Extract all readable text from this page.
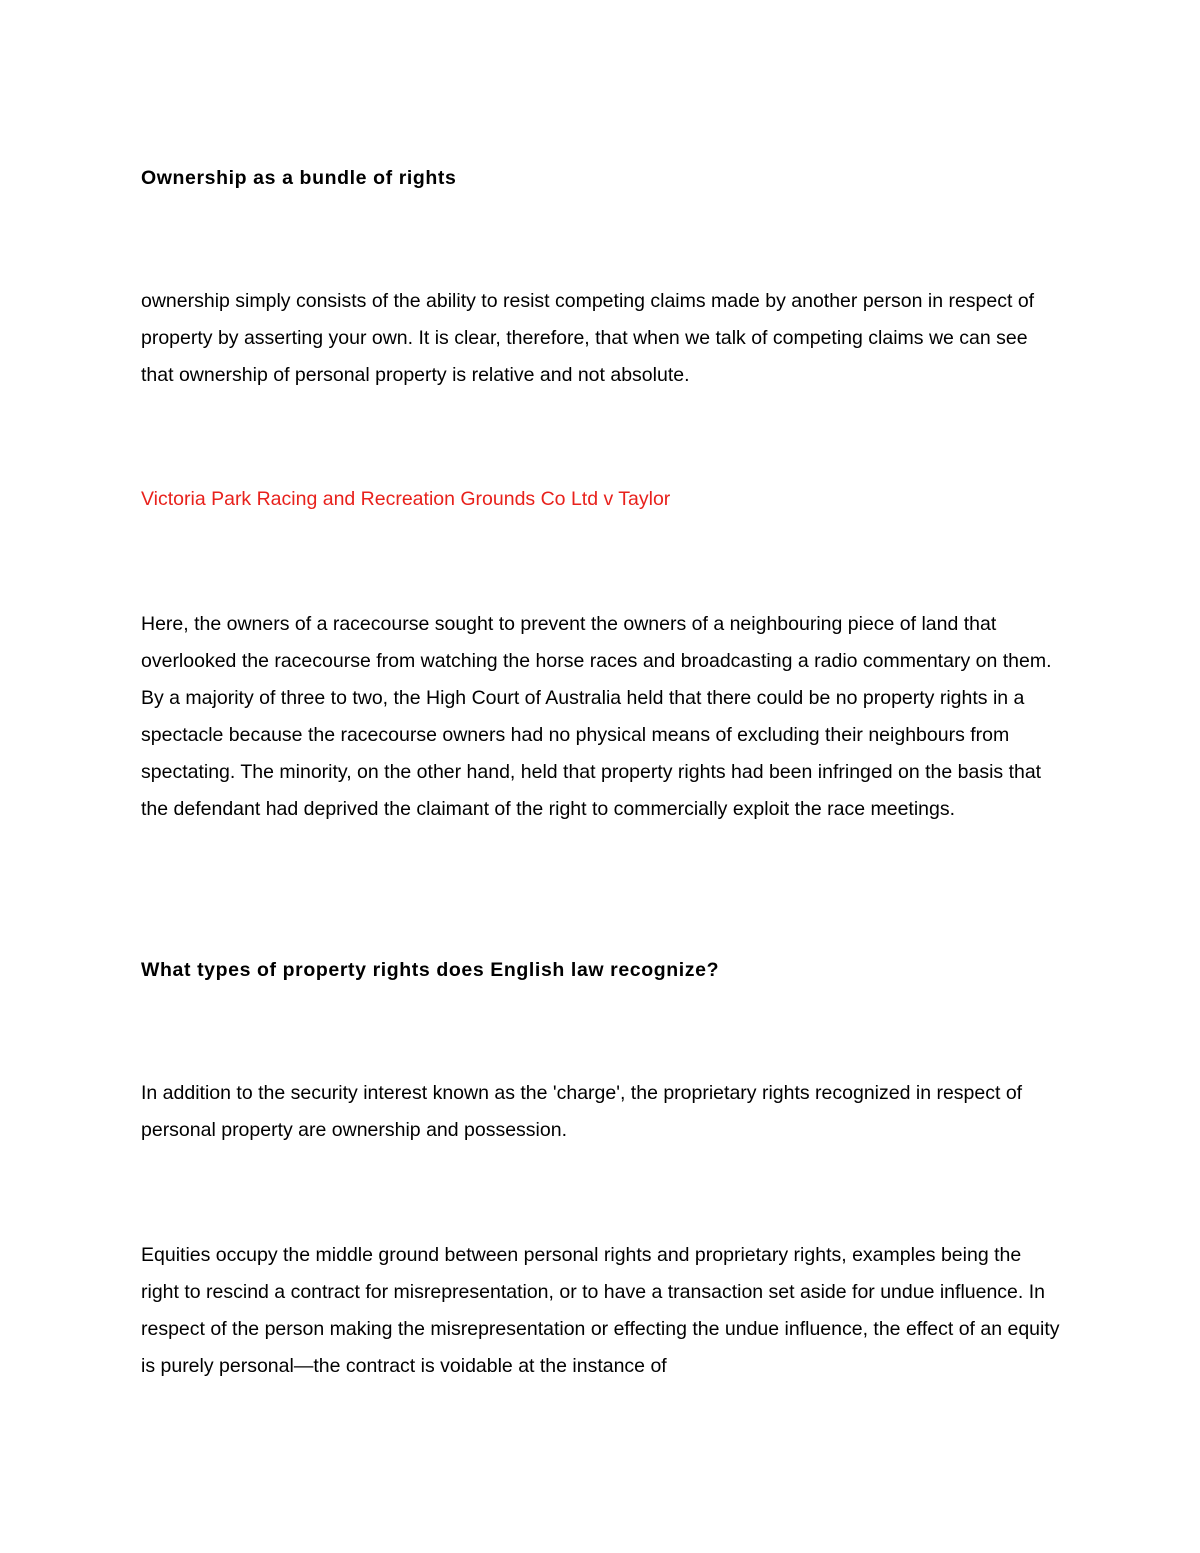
Ownership as a bundle of rights

ownership simply consists of the ability to resist competing claims made by another person in respect of property by asserting your own. It is clear, therefore, that when we talk of competing claims we can see that ownership of personal property is relative and not absolute.

Victoria Park Racing and Recreation Grounds Co Ltd v Taylor

Here, the owners of a racecourse sought to prevent the owners of a neighbouring piece of land that overlooked the racecourse from watching the horse races and broadcasting a radio commentary on them. By a majority of three to two, the High Court of Australia held that there could be no property rights in a spectacle because the racecourse owners had no physical means of excluding their neighbours from spectating. The minority, on the other hand, held that property rights had been infringed on the basis that the defendant had deprived the claimant of the right to commercially exploit the race meetings.

What types of property rights does English law recognize?

In addition to the security interest known as the 'charge', the proprietary rights recognized in respect of personal property are ownership and possession.

Equities occupy the middle ground between personal rights and proprietary rights, examples being the right to rescind a contract for misrepresentation, or to have a transaction set aside for undue influence. In respect of the person making the misrepresentation or effecting the undue influence, the effect of an equity is purely personal—the contract is voidable at the instance of
